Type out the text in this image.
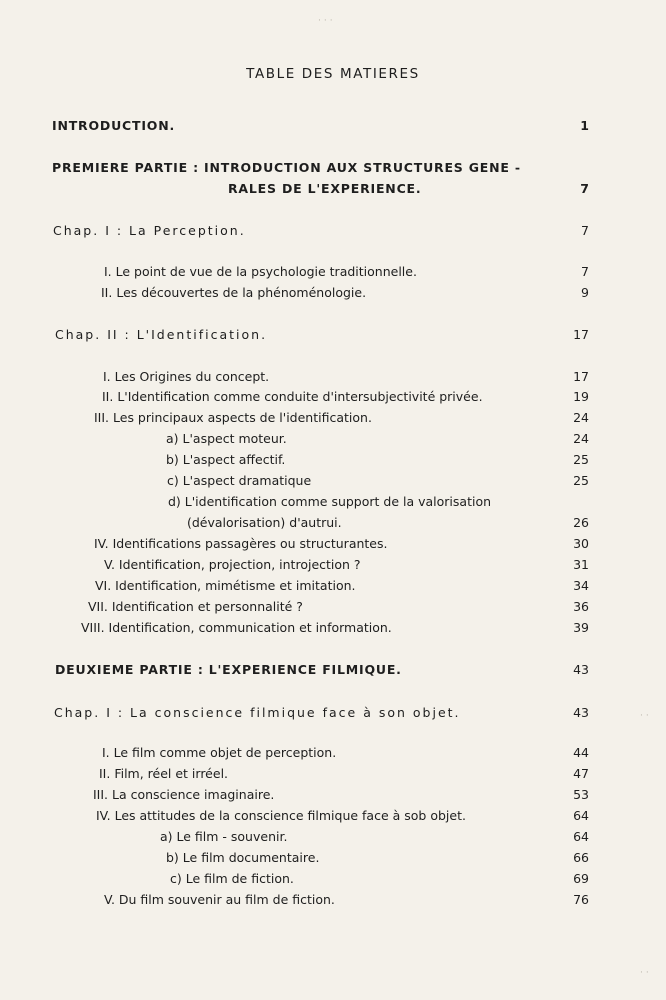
···
··
··
TABLE DES MATIERES
INTRODUCTION.	1
PREMIERE PARTIE : INTRODUCTION AUX STRUCTURES GENE -
RALES DE L'EXPERIENCE.	7
Chap. I : La Perception.	7
I. Le point de vue de la psychologie traditionnelle.	7
II. Les découvertes de la phénoménologie.	9
Chap. II : L'Identification.	17
I. Les Origines du concept.	17
II. L'Identification comme conduite d'intersubjectivité privée.	19
III. Les principaux aspects de l'identification.	24
a) L'aspect moteur.	24
b) L'aspect affectif.	25
c) L'aspect dramatique	25
d) L'identification comme support de la valorisation
(dévalorisation) d'autrui.	26
IV. Identifications passagères ou structurantes.	30
V. Identification, projection, introjection ?	31
VI. Identification, mimétisme et imitation.	34
VII. Identification et personnalité ?	36
VIII. Identification, communication et information.	39
DEUXIEME PARTIE : L'EXPERIENCE FILMIQUE.	43
Chap. I : La conscience filmique face à son objet.	43
I. Le film comme objet de perception.	44
II. Film, réel et irréel.	47
III. La conscience imaginaire.	53
IV. Les attitudes de la conscience filmique face à sob objet.	64
a) Le film - souvenir.	64
b) Le film documentaire.	66
c) Le film de fiction.	69
V. Du film souvenir au film de fiction.	76
